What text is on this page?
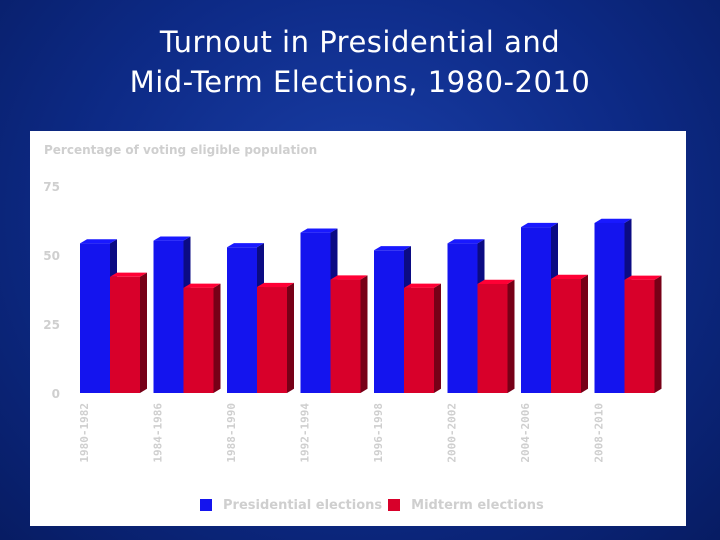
Turnout in Presidential and
Mid-Term Elections, 1980-2010
Percentage of voting eligible population
0
25
50
75
1980-1982	1984-1986	1988-1990	1992-1994	1996-1998	2000-2002	2004-2006	2008-2010
Presidential elections Midterm elections
